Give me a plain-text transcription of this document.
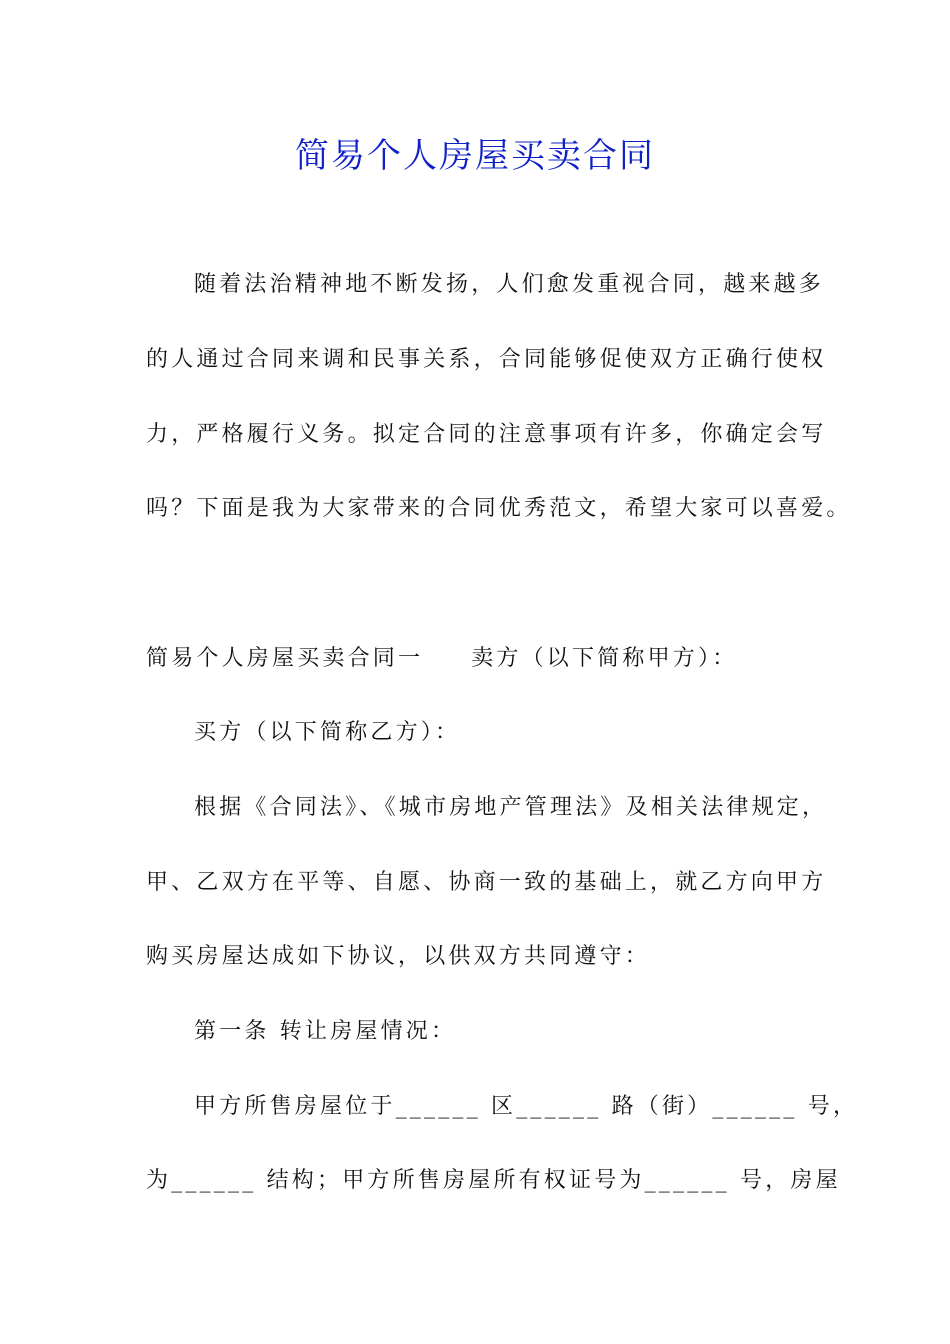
简易个人房屋买卖合同
随着法治精神地不断发扬，人们愈发重视合同，越来越多
的人通过合同来调和民事关系，合同能够促使双方正确行使权
力，严格履行义务。拟定合同的注意事项有许多，你确定会写
吗？下面是我为大家带来的合同优秀范文，希望大家可以喜爱。
简易个人房屋买卖合同一 卖方（以下简称甲方）：
买方（以下简称乙方）：
根据《合同法》、《城市房地产管理法》及相关法律规定，
甲、乙双方在平等、自愿、协商一致的基础上，就乙方向甲方
购买房屋达成如下协议，以供双方共同遵守：
第一条 转让房屋情况：
甲方所售房屋位于______ 区______ 路（街）______ 号，
为______ 结构；甲方所售房屋所有权证号为______ 号，房屋
